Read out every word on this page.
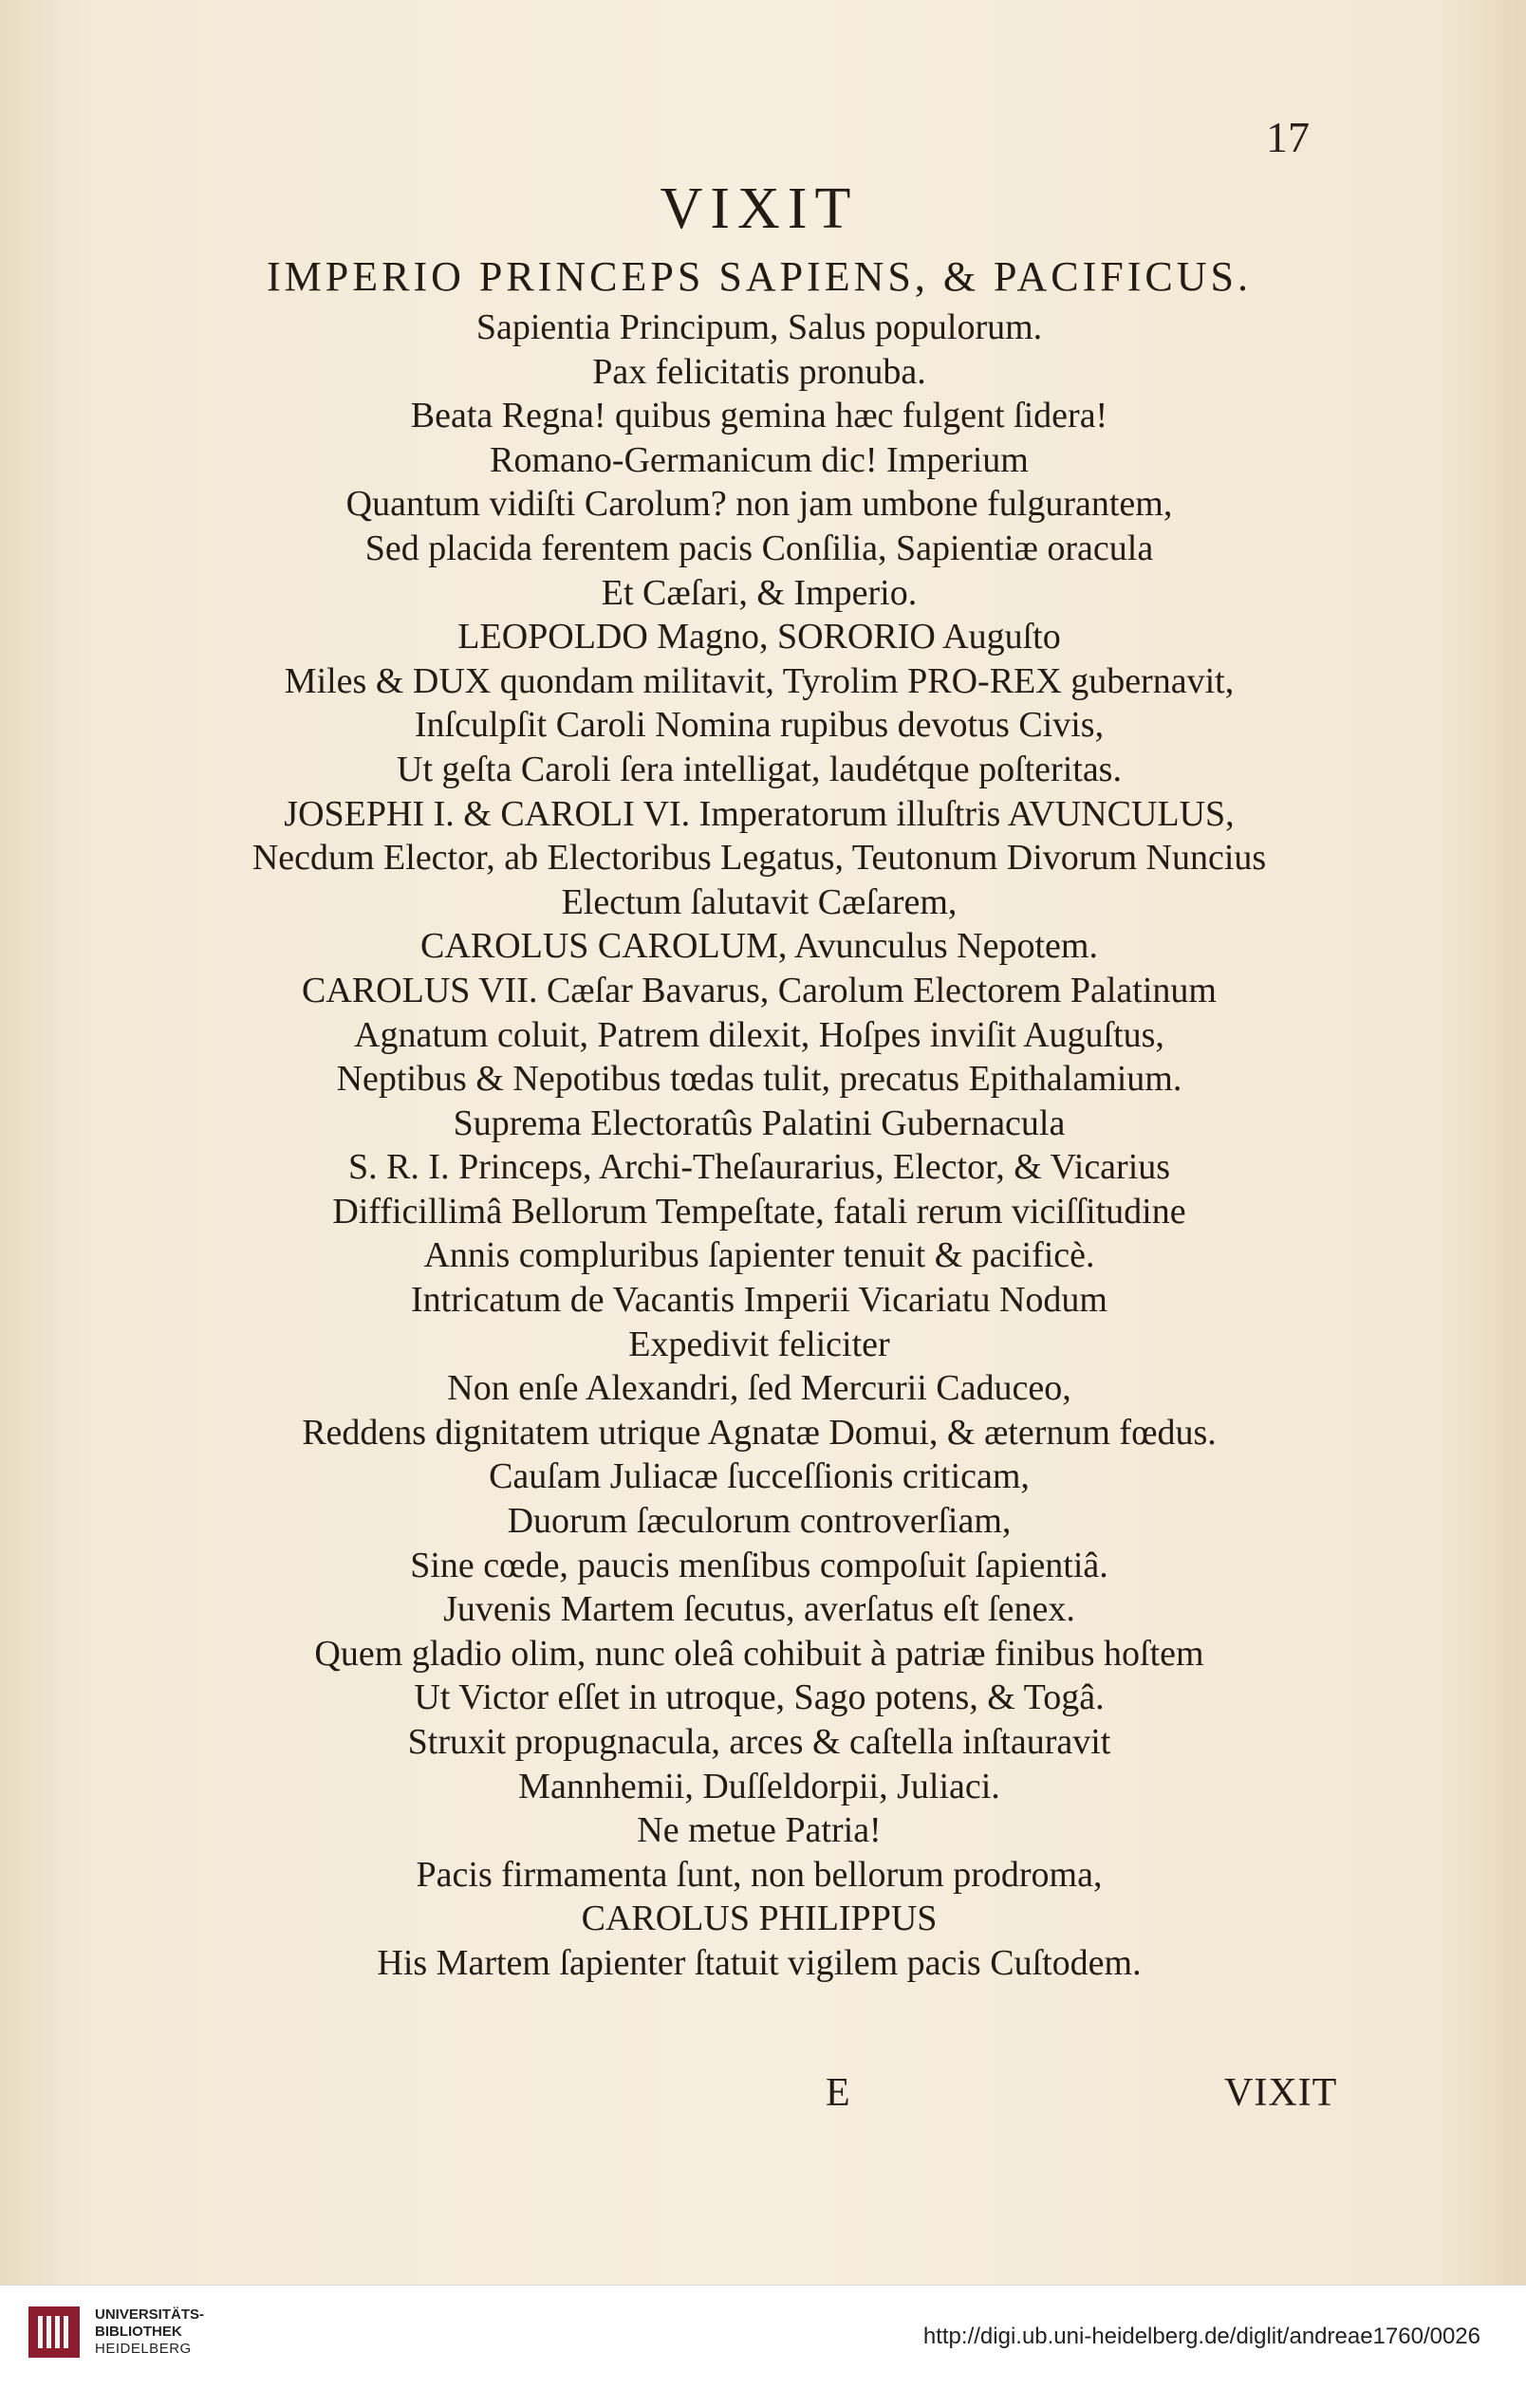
17
VIXIT
IMPERIO PRINCEPS SAPIENS, & PACIFICUS.
Sapientia Principum, Salus populorum.
Pax felicitatis pronuba.
Beata Regna! quibus gemina hæc fulgent ſidera!
Romano-Germanicum dic! Imperium
Quantum vidiſti Carolum? non jam umbone fulgurantem,
Sed placida ferentem pacis Conſilia, Sapientiæ oracula
Et Cæſari, & Imperio.
LEOPOLDO Magno, SORORIO Auguſto
Miles & DUX quondam militavit, Tyrolim PRO-REX gubernavit,
Inſculpſit Caroli Nomina rupibus devotus Civis,
Ut geſta Caroli ſera intelligat, laudétque poſteritas.
JOSEPHI I. & CAROLI VI. Imperatorum illuſtris AVUNCULUS,
Necdum Elector, ab Electoribus Legatus, Teutonum Divorum Nuncius
Electum ſalutavit Cæſarem,
CAROLUS CAROLUM, Avunculus Nepotem.
CAROLUS VII. Cæſar Bavarus, Carolum Electorem Palatinum
Agnatum coluit, Patrem dilexit, Hoſpes inviſit Auguſtus,
Neptibus & Nepotibus tœdas tulit, precatus Epithalamium.
Suprema Electoratûs Palatini Gubernacula
S. R. I. Princeps, Archi-Theſaurarius, Elector, & Vicarius
Difficillimâ Bellorum Tempeſtate, fatali rerum viciſſitudine
Annis compluribus ſapienter tenuit & pacificè.
Intricatum de Vacantis Imperii Vicariatu Nodum
Expedivit feliciter
Non enſe Alexandri, ſed Mercurii Caduceo,
Reddens dignitatem utrique Agnatæ Domui, & æternum fœdus.
Cauſam Juliacæ ſucceſſionis criticam,
Duorum ſæculorum controverſiam,
Sine cœde, paucis menſibus compoſuit ſapientiâ.
Juvenis Martem ſecutus, averſatus eſt ſenex.
Quem gladio olim, nunc oleâ cohibuit à patriæ finibus hoſtem
Ut Victor eſſet in utroque, Sago potens, & Togâ.
Struxit propugnacula, arces & caſtella inſtauravit
Mannhemii, Duſſeldorpii, Juliaci.
Ne metue Patria!
Pacis firmamenta ſunt, non bellorum prodroma,
CAROLUS PHILIPPUS
His Martem ſapienter ſtatuit vigilem pacis Cuſtodem.
E	VIXIT
UNIVERSITÄTS-
BIBLIOTHEK
HEIDELBERG	http://digi.ub.uni-heidelberg.de/diglit/andreae1760/0026
